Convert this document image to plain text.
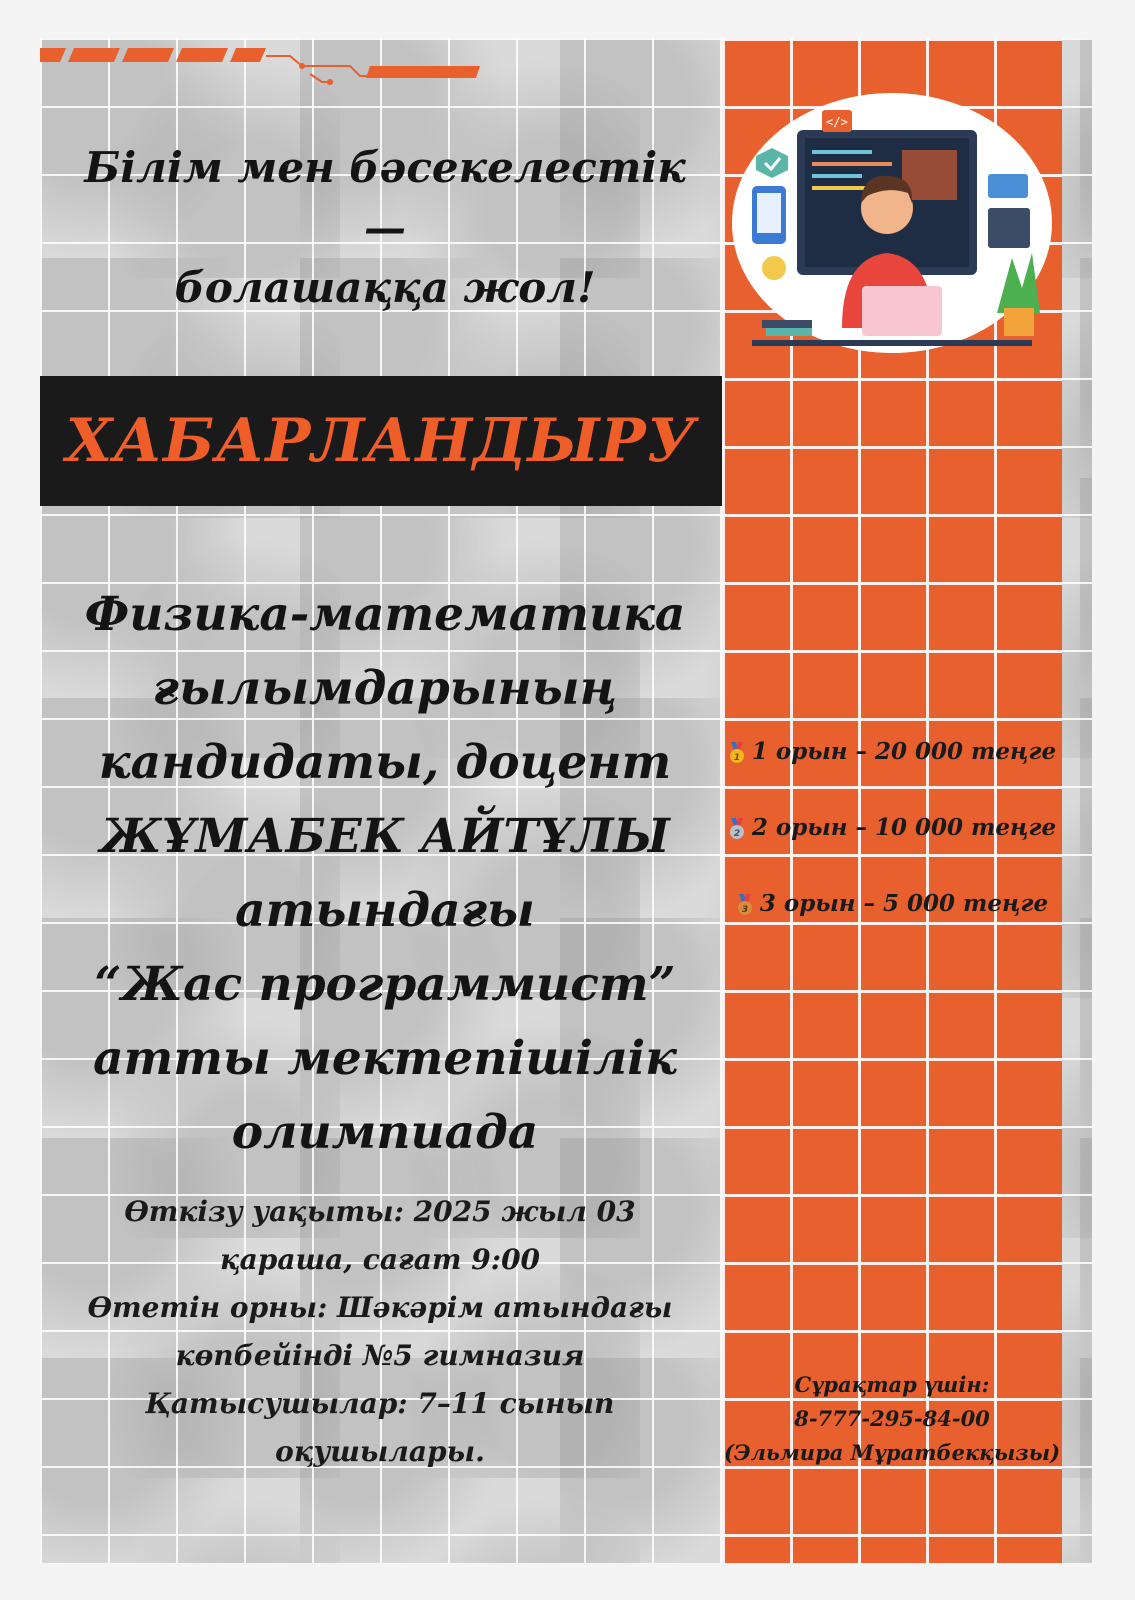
</>
Білім мен бәсекелестік —
болашаққа жол!
ХАБАРЛАНДЫРУ
Физика-математика
ғылымдарының
кандидаты, доцент
ЖҰМАБЕК АЙТҰЛЫ
атындағы
“Жас программист”
атты мектепішілік
олимпиада
Өткізу уақыты: 2025 жыл 03
қараша, сағат 9:00
Өтетін орны: Шәкәрім атындағы
көпбейінді №5 гимназия
Қатысушылар: 7–11 сынып
оқушылары.
1 1 орын – 20 000 теңге
2 2 орын – 10 000 теңге
3 3 орын – 5 000 теңге
Сұрақтар үшін:
8-777-295-84-00
(Эльмира Мұратбекқызы)
